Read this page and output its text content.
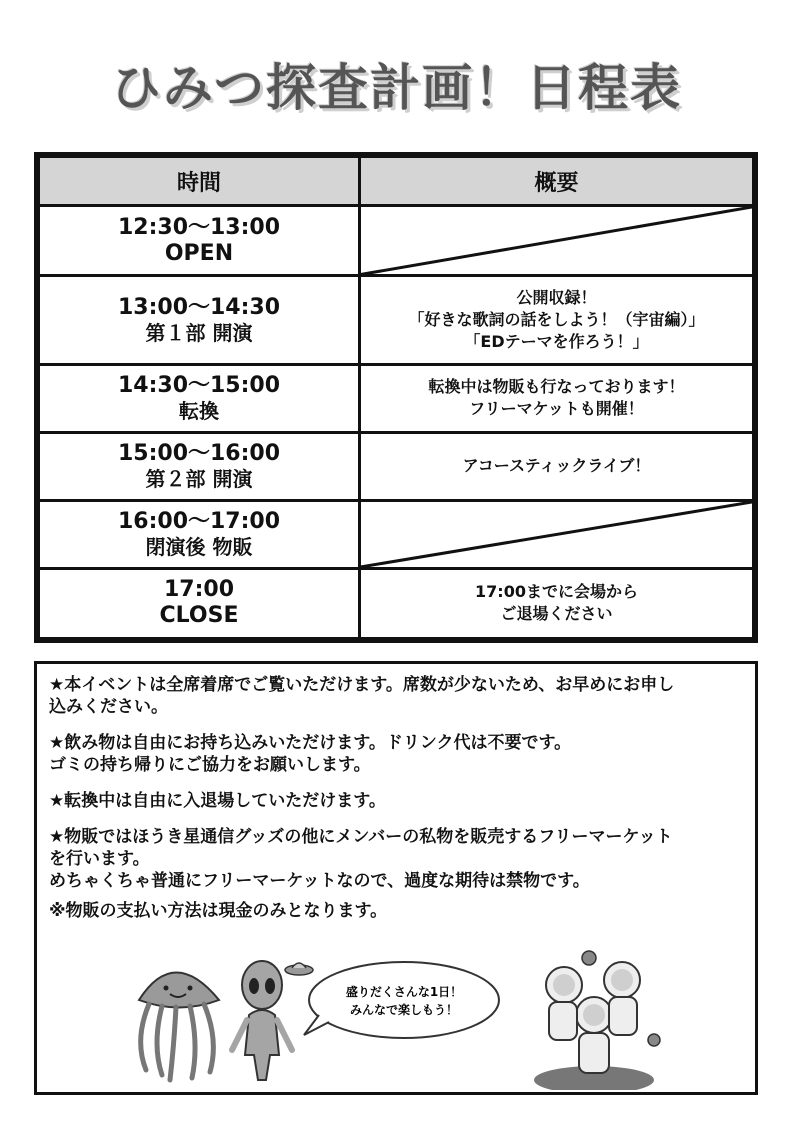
ひみつ探査計画！日程表
時間	概要

12:30〜13:00
OPEN

13:00〜14:30
第１部 開演	公開収録！
「好きな歌詞の話をしよう！（宇宙編）」
「EDテーマを作ろう！」

14:30〜15:00
転換	転換中は物販も行なっております！
フリーマケットも開催！

15:00〜16:00
第２部 開演	アコースティックライブ！

16:00〜17:00
閉演後 物販

17:00
CLOSE	17:00までに会場から
ご退場ください
★本イベントは全席着席でご覧いただけます。席数が少ないため、お早めにお申し
込みください。
★飲み物は自由にお持ち込みいただけます。ドリンク代は不要です。
ゴミの持ち帰りにご協力をお願いします。
★転換中は自由に入退場していただけます。
★物販ではほうき星通信グッズの他にメンバーの私物を販売するフリーマーケット
を行います。
めちゃくちゃ普通にフリーマーケットなので、過度な期待は禁物です。
※物販の支払い方法は現金のみとなります。
盛りだくさんな1日！
みんなで楽しもう！
